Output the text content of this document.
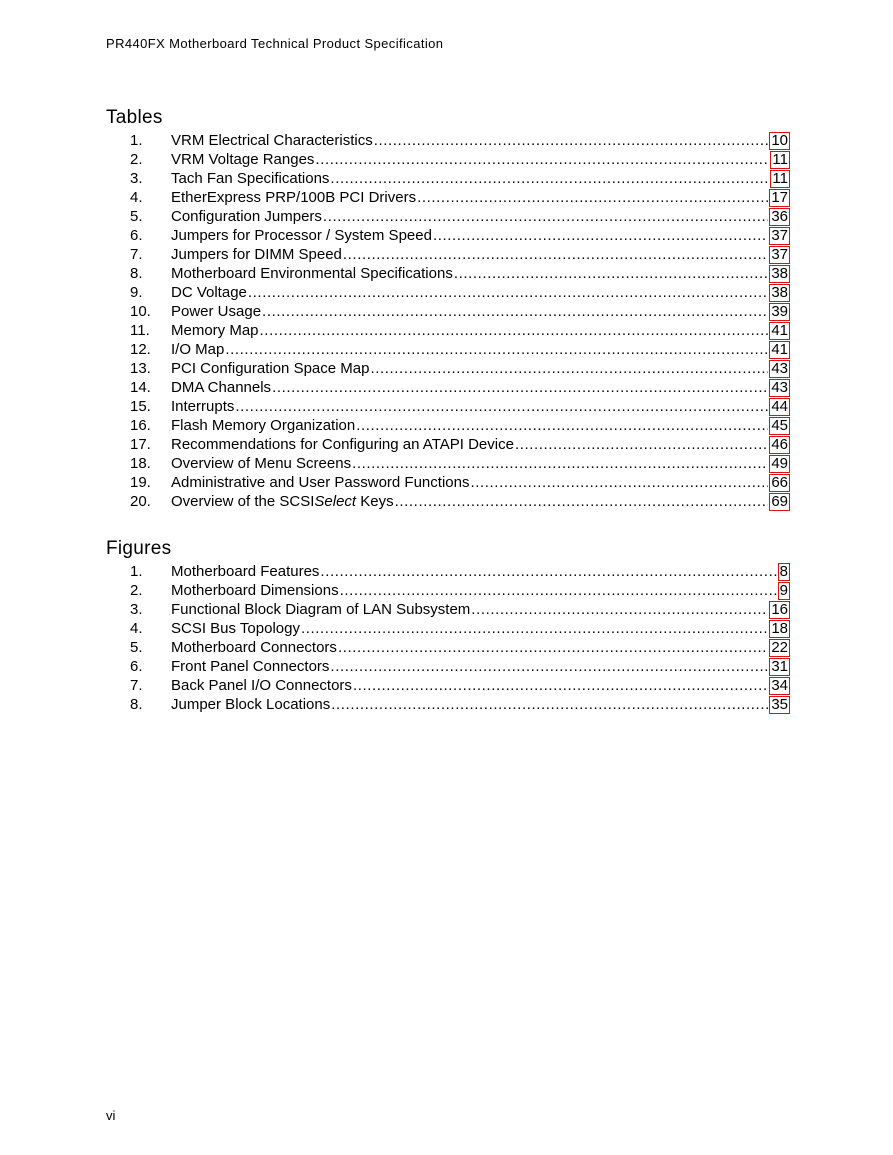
PR440FX Motherboard Technical Product Specification
Tables
1.	VRM Electrical Characteristics .....	10
2.	VRM Voltage Ranges .....	11
3.	Tach Fan Specifications .....	11
4.	EtherExpress PRP/100B PCI Drivers .....	17
5.	Configuration Jumpers .....	36
6.	Jumpers for Processor / System Speed .....	37
7.	Jumpers for DIMM Speed .....	37
8.	Motherboard Environmental Specifications .....	38
9.	DC Voltage .....	38
10.	Power Usage .....	39
11.	Memory Map .....	41
12.	I/O Map .....	41
13.	PCI Configuration Space Map .....	43
14.	DMA Channels .....	43
15.	Interrupts .....	44
16.	Flash Memory Organization .....	45
17.	Recommendations for Configuring an ATAPI Device .....	46
18.	Overview of Menu Screens .....	49
19.	Administrative and User Password Functions .....	66
20.	Overview of the SCSISelect Keys .....	69
Figures
1.	Motherboard Features .....	8
2.	Motherboard Dimensions .....	9
3.	Functional Block Diagram of LAN Subsystem .....	16
4.	SCSI Bus Topology .....	18
5.	Motherboard Connectors .....	22
6.	Front Panel Connectors .....	31
7.	Back Panel I/O Connectors .....	34
8.	Jumper Block Locations .....	35
vi
